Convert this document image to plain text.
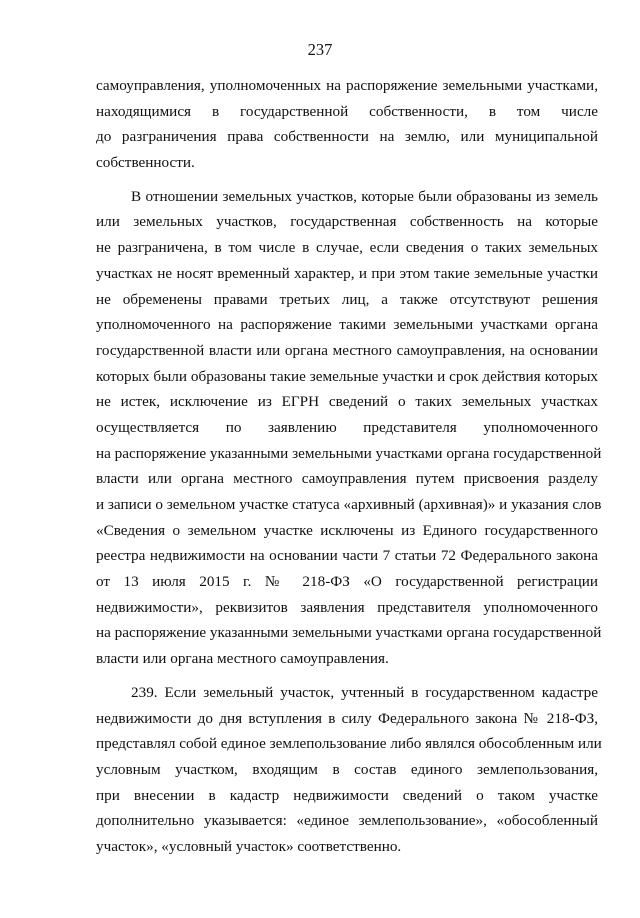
237
самоуправления, уполномоченных на распоряжение земельными участками,
находящимися в государственной собственности, в том числе
до разграничения права собственности на землю, или муниципальной
собственности.
В отношении земельных участков, которые были образованы из земель
или земельных участков, государственная собственность на которые
не разграничена, в том числе в случае, если сведения о таких земельных
участках не носят временный характер, и при этом такие земельные участки
не обременены правами третьих лиц, а также отсутствуют решения
уполномоченного на распоряжение такими земельными участками органа
государственной власти или органа местного самоуправления, на основании
которых были образованы такие земельные участки и срок действия которых
не истек, исключение из ЕГРН сведений о таких земельных участках
осуществляется по заявлению представителя уполномоченного
на распоряжение указанными земельными участками органа государственной
власти или органа местного самоуправления путем присвоения разделу
и записи о земельном участке статуса «архивный (архивная)» и указания слов
«Сведения о земельном участке исключены из Единого государственного
реестра недвижимости на основании части 7 статьи 72 Федерального закона
от 13 июля 2015 г. № 218-ФЗ «О государственной регистрации
недвижимости», реквизитов заявления представителя уполномоченного
на распоряжение указанными земельными участками органа государственной
власти или органа местного самоуправления.
239. Если земельный участок, учтенный в государственном кадастре
недвижимости до дня вступления в силу Федерального закона № 218-ФЗ,
представлял собой единое землепользование либо являлся обособленным или
условным участком, входящим в состав единого землепользования,
при внесении в кадастр недвижимости сведений о таком участке
дополнительно указывается: «единое землепользование», «обособленный
участок», «условный участок» соответственно.
